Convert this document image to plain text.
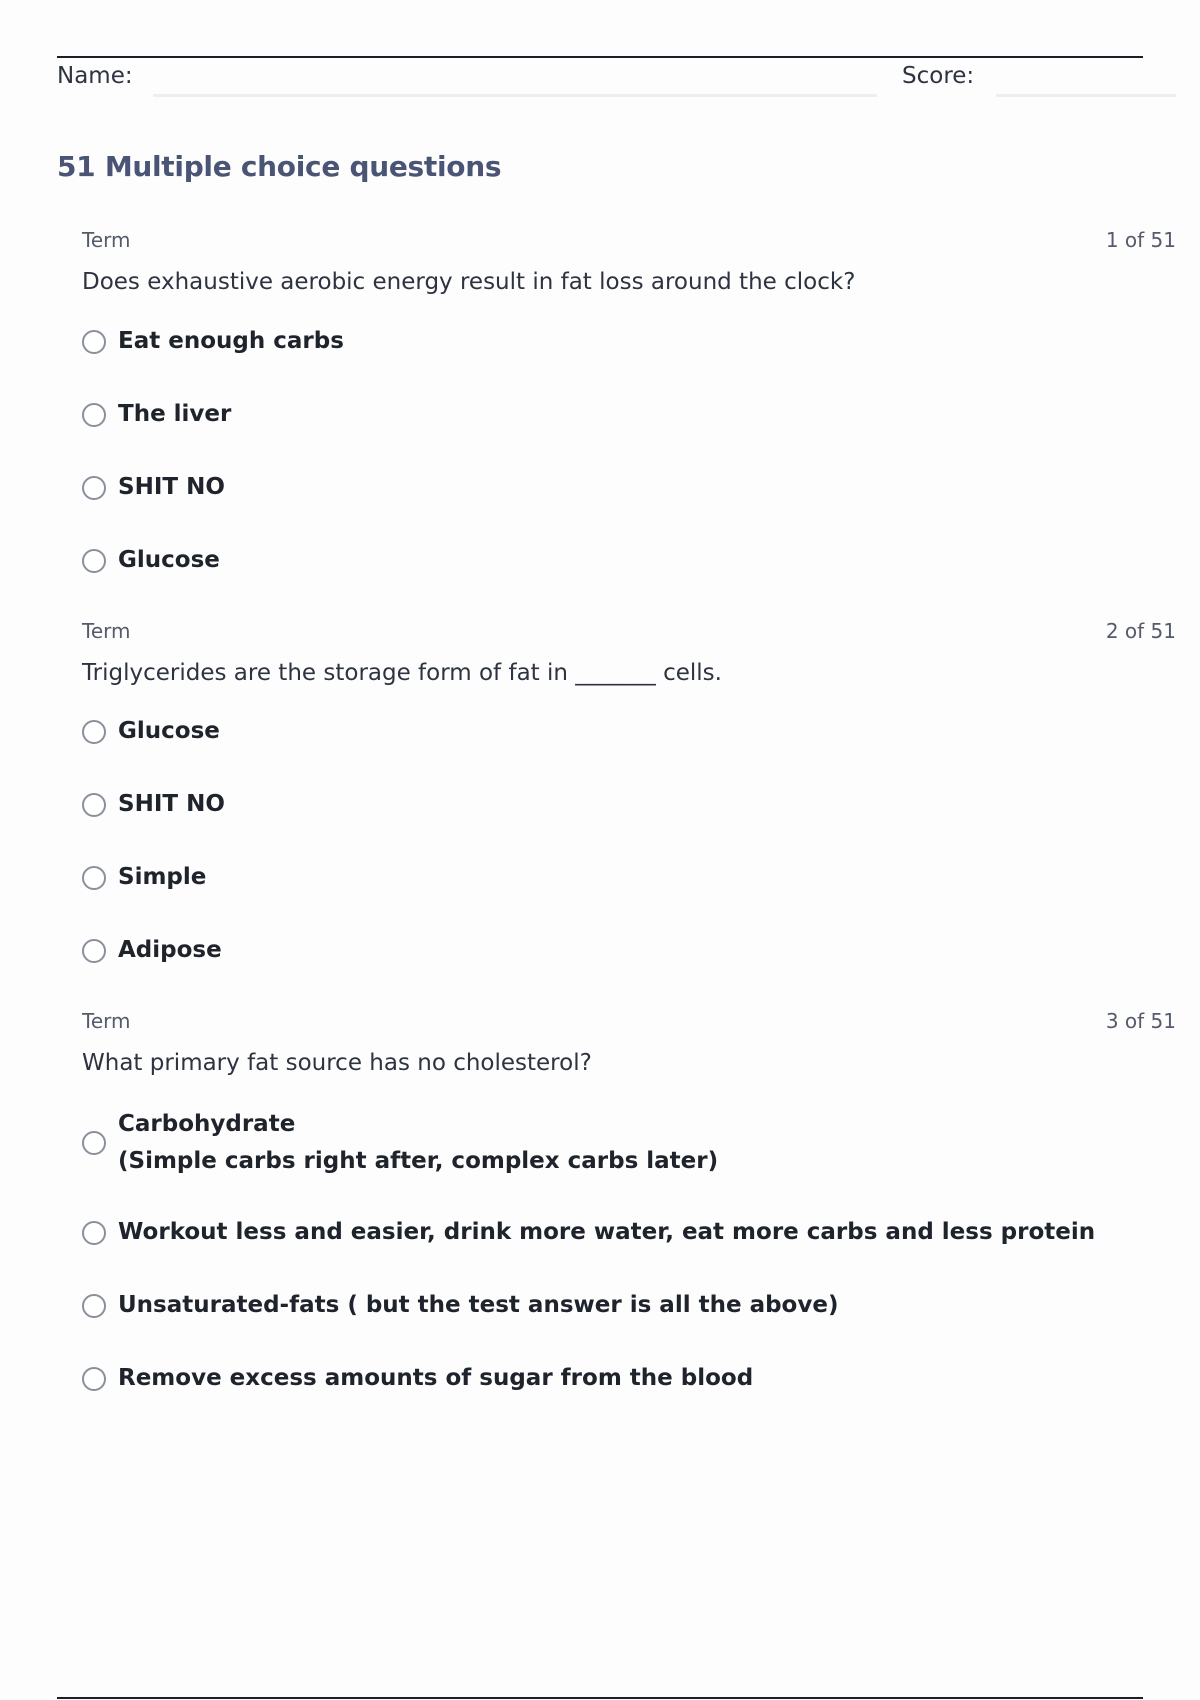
Name:	Score:
51 Multiple choice questions
Term	1 of 51
Does exhaustive aerobic energy result in fat loss around the clock?
Eat enough carbs
The liver
SHIT NO
Glucose
Term	2 of 51
Triglycerides are the storage form of fat in _______ cells.
Glucose
SHIT NO
Simple
Adipose
Term	3 of 51
What primary fat source has no cholesterol?
Carbohydrate
(Simple carbs right after, complex carbs later)
Workout less and easier, drink more water, eat more carbs and less protein
Unsaturated-fats ( but the test answer is all the above)
Remove excess amounts of sugar from the blood
